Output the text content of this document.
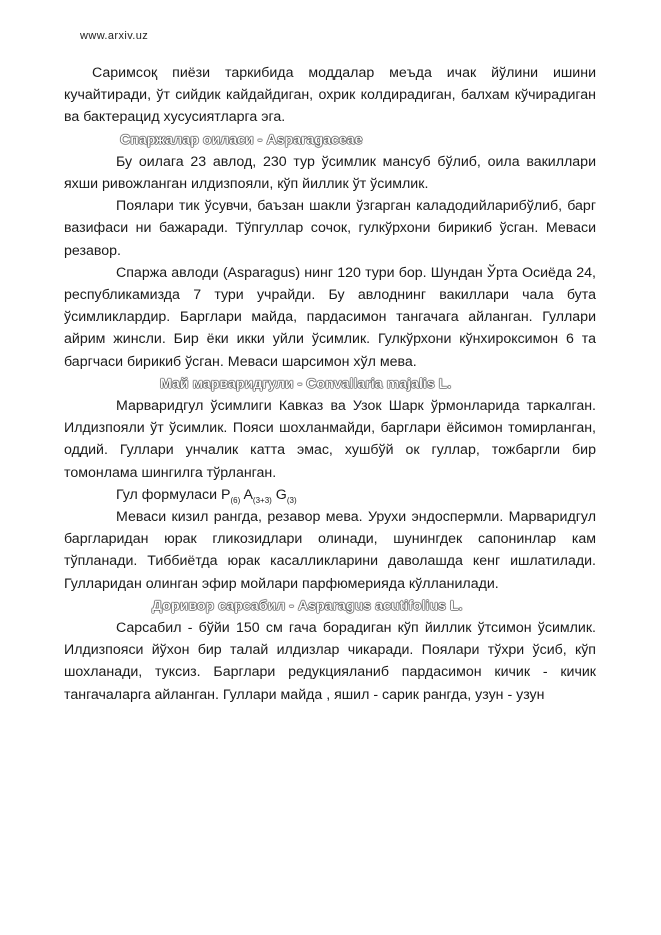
www.arxiv.uz

Саримсоқ пиёзи таркибида моддалар меъда ичак йўлини ишини кучайтиради, ўт сийдик кайдайдиган, охрик колдирадиган, балхам кўчирадиган ва бактерацид хусусиятларга эга.

Спаржалар оиласи - Asparagaceae

Бу оилага 23 авлод, 230 тур ўсимлик мансуб бўлиб, оила вакиллари яхши ривожланган илдизпояли, кўп йиллик ўт ўсимлик.

Поялари тик ўсувчи, баъзан шакли ўзгарган каладодийларибўлиб, барг вазифаси ни бажаради. Тўпгуллар сочок, гулкўрхони бирикиб ўсган. Меваси резавор.

Спаржа авлоди (Asparagus) нинг 120 тури бор. Шундан Ўрта Осиёда 24, республикамизда 7 тури учрайди. Бу авлоднинг вакиллари чала бута ўсимликлардир. Барглари майда, пардасимон тангачага айланган. Гуллари айрим жинсли. Бир ёки икки уйли ўсимлик. Гулкўрхони кўнхироксимон 6 та баргчаси бирикиб ўсган. Меваси шарсимон хўл мева.

Май марваридгули - Convallaria majalis L.

Марваридгул ўсимлиги Кавказ ва Узок Шарк ўрмонларида таркалган. Илдизпояли ўт ўсимлик. Пояси шохланмайди, барглари ёйсимон томирланган, оддий. Гуллари унчалик катта эмас, хушбўй ок гуллар, тожбаргли бир томонлама шингилга тўрланган.

Гул формуласи $P_{(6)}$ $A_{(3+3)}$ $G_{(3)}$

Меваси кизил рангда, резавор мева. Урухи эндоспермли. Марваридгул баргларидан юрак гликозидлари олинади, шунингдек сапонинлар кам тўпланади. Тиббиётда юрак касалликларини даволашда кенг ишлатилади. Гулларидан олинган эфир мойлари парфюмерияда кўлланилади.

Доривор сарсабил - Asparagus acutifolius L.

Сарсабил - бўйи 150 см гача борадиган кўп йиллик ўтсимон ўсимлик. Илдизпояси йўхон бир талай илдизлар чикаради. Поялари тўхри ўсиб, кўп шохланади, туксиз. Барглари редукцияланиб пардасимон кичик - кичик тангачаларга айланган. Гуллари майда , яшил - сарик рангда, узун - узун
